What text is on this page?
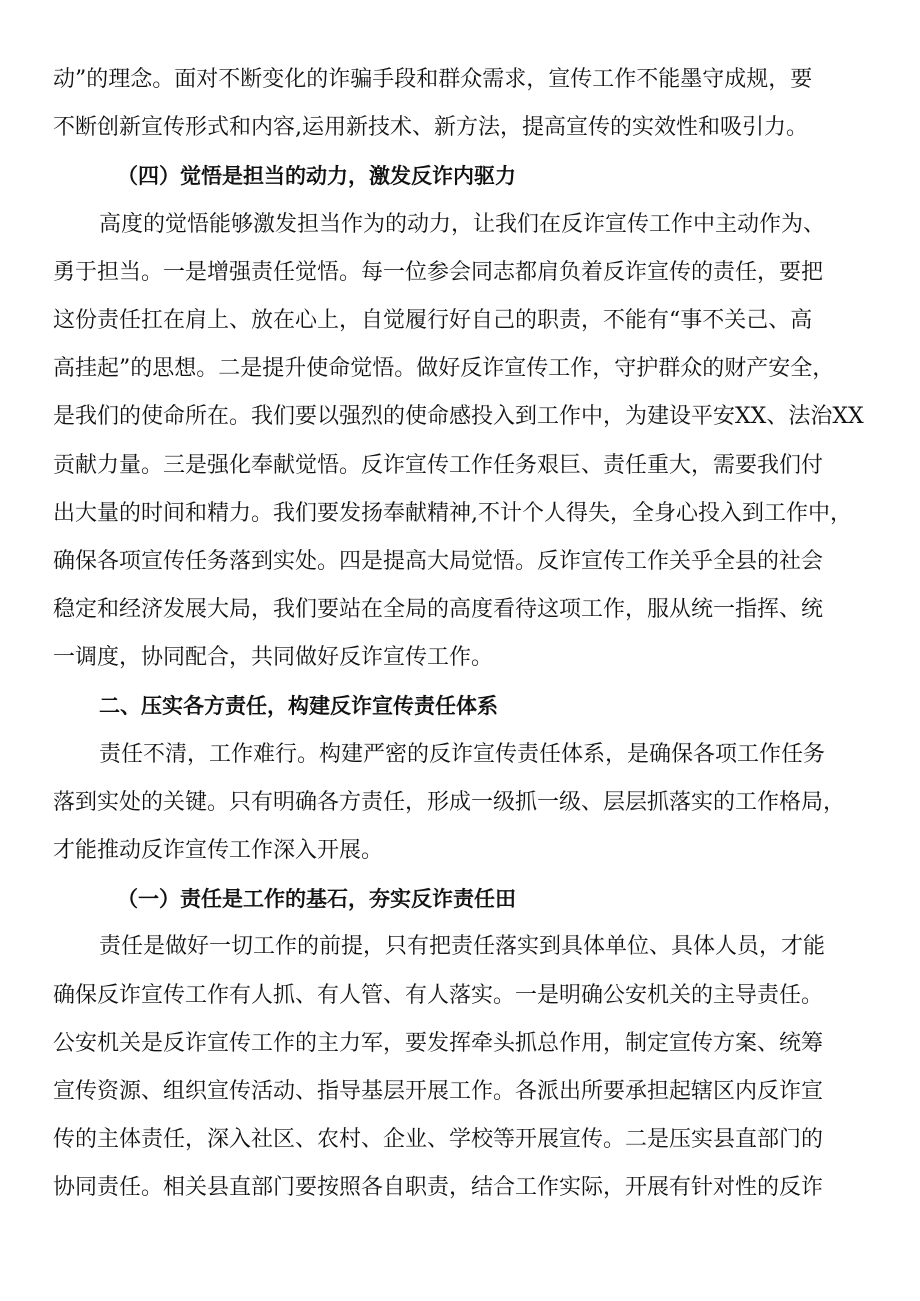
动”的理念。面对不断变化的诈骗手段和群众需求，宣传工作不能墨守成规，要
不断创新宣传形式和内容,运用新技术、新方法，提高宣传的实效性和吸引力。
（四）觉悟是担当的动力，激发反诈内驱力
高度的觉悟能够激发担当作为的动力，让我们在反诈宣传工作中主动作为、
勇于担当。一是增强责任觉悟。每一位参会同志都肩负着反诈宣传的责任，要把
这份责任扛在肩上、放在心上，自觉履行好自己的职责，不能有“事不关己、高
高挂起”的思想。二是提升使命觉悟。做好反诈宣传工作，守护群众的财产安全，
是我们的使命所在。我们要以强烈的使命感投入到工作中，为建设平安XX、法治XX
贡献力量。三是强化奉献觉悟。反诈宣传工作任务艰巨、责任重大，需要我们付
出大量的时间和精力。我们要发扬奉献精神,不计个人得失，全身心投入到工作中，
确保各项宣传任务落到实处。四是提高大局觉悟。反诈宣传工作关乎全县的社会
稳定和经济发展大局，我们要站在全局的高度看待这项工作，服从统一指挥、统
一调度，协同配合，共同做好反诈宣传工作。
二、压实各方责任，构建反诈宣传责任体系
责任不清，工作难行。构建严密的反诈宣传责任体系，是确保各项工作任务
落到实处的关键。只有明确各方责任，形成一级抓一级、层层抓落实的工作格局，
才能推动反诈宣传工作深入开展。
（一）责任是工作的基石，夯实反诈责任田
责任是做好一切工作的前提，只有把责任落实到具体单位、具体人员，才能
确保反诈宣传工作有人抓、有人管、有人落实。一是明确公安机关的主导责任。
公安机关是反诈宣传工作的主力军，要发挥牵头抓总作用，制定宣传方案、统筹
宣传资源、组织宣传活动、指导基层开展工作。各派出所要承担起辖区内反诈宣
传的主体责任，深入社区、农村、企业、学校等开展宣传。二是压实县直部门的
协同责任。相关县直部门要按照各自职责，结合工作实际，开展有针对性的反诈
